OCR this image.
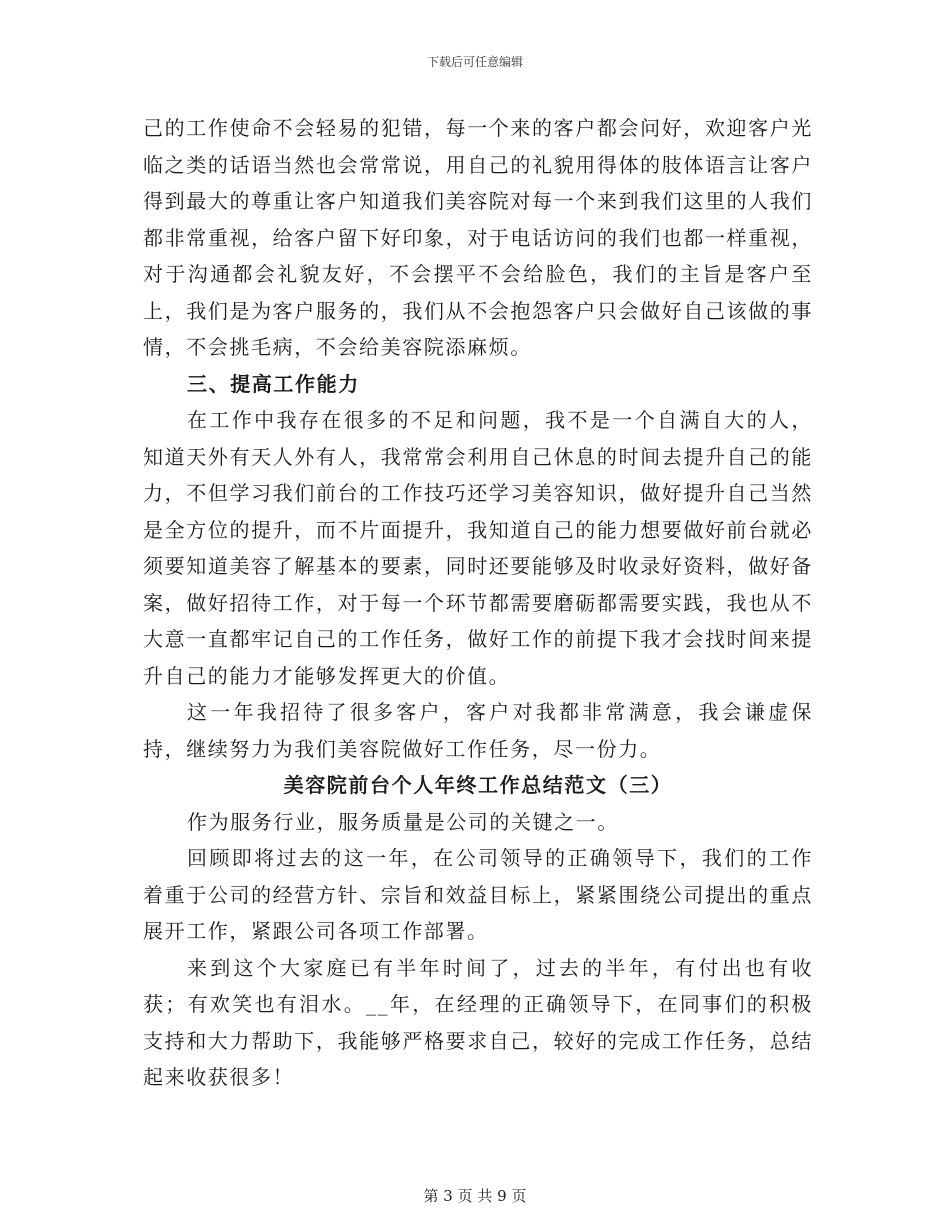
下载后可任意编辑

己的工作使命不会轻易的犯错，每一个来的客户都会问好，欢迎客户光临之类的话语当然也会常常说，用自己的礼貌用得体的肢体语言让客户得到最大的尊重让客户知道我们美容院对每一个来到我们这里的人我们都非常重视，给客户留下好印象，对于电话访问的我们也都一样重视，对于沟通都会礼貌友好，不会摆平不会给脸色，我们的主旨是客户至上，我们是为客户服务的，我们从不会抱怨客户只会做好自己该做的事情，不会挑毛病，不会给美容院添麻烦。

三、提高工作能力

在工作中我存在很多的不足和问题，我不是一个自满自大的人，知道天外有天人外有人，我常常会利用自己休息的时间去提升自己的能力，不但学习我们前台的工作技巧还学习美容知识，做好提升自己当然是全方位的提升，而不片面提升，我知道自己的能力想要做好前台就必须要知道美容了解基本的要素，同时还要能够及时收录好资料，做好备案，做好招待工作，对于每一个环节都需要磨砺都需要实践，我也从不大意一直都牢记自己的工作任务，做好工作的前提下我才会找时间来提升自己的能力才能够发挥更大的价值。

这一年我招待了很多客户，客户对我都非常满意，我会谦虚保持，继续努力为我们美容院做好工作任务，尽一份力。

美容院前台个人年终工作总结范文（三）

作为服务行业，服务质量是公司的关键之一。

回顾即将过去的这一年，在公司领导的正确领导下，我们的工作着重于公司的经营方针、宗旨和效益目标上，紧紧围绕公司提出的重点展开工作，紧跟公司各项工作部署。

来到这个大家庭已有半年时间了，过去的半年，有付出也有收获；有欢笑也有泪水。__年，在经理的正确领导下，在同事们的积极支持和大力帮助下，我能够严格要求自己，较好的完成工作任务，总结起来收获很多！

第 3 页 共 9 页
